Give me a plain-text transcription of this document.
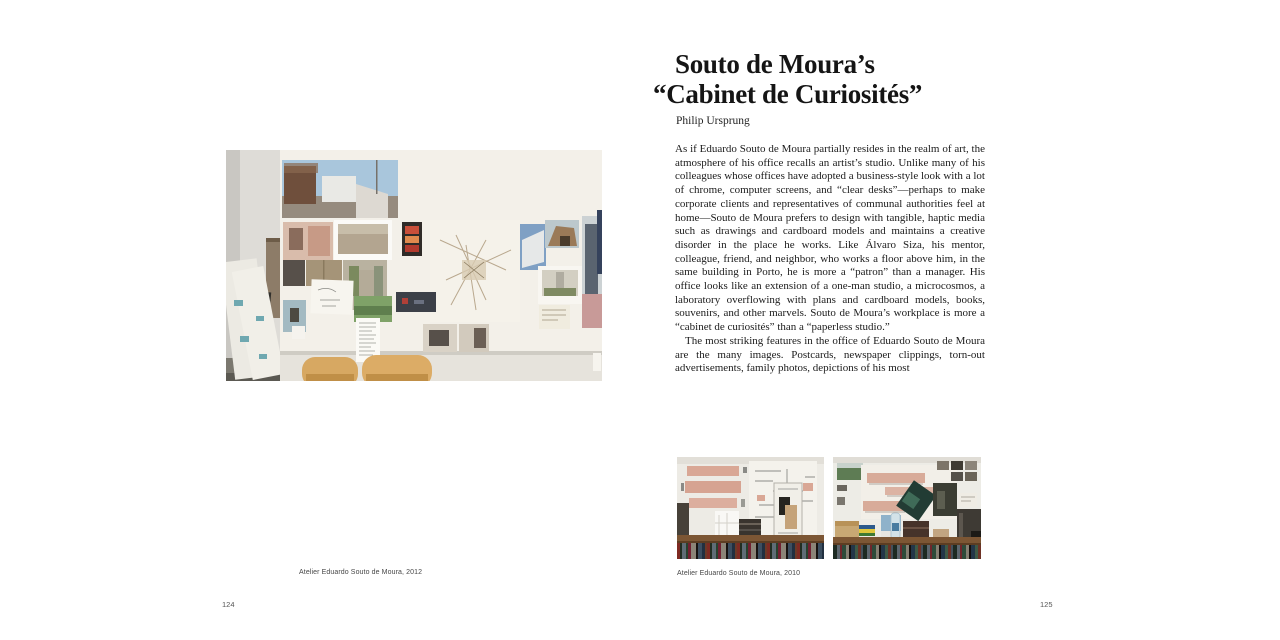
Atelier Eduardo Souto de Moura, 2012
124
Souto de Moura’s
“Cabinet de Curiosités”
Philip Ursprung

As if Eduardo Souto de Moura partially resides in the realm of art, the atmosphere of his office recalls an artist’s studio. Unlike many of his colleagues whose offices have adopted a business-style look with a lot of chrome, computer screens, and “clear desks”—perhaps to make corporate clients and representatives of communal authorities feel at home—Souto de Moura prefers to design with tangible, haptic media such as drawings and cardboard models and maintains a creative disorder in the place he works. Like Álvaro Siza, his mentor, colleague, friend, and neighbor, who works a floor above him, in the same building in Porto, he is more a “patron” than a manager. His office looks like an extension of a one-man studio, a microcosmos, a laboratory overflowing with plans and cardboard models, books, souvenirs, and other marvels. Souto de Moura’s workplace is more a “cabinet de curiosités” than a “paperless studio.”

The most striking features in the office of Eduardo Souto de Moura are the many images. Postcards, newspaper clippings, torn-out advertisements, family photos, depictions of his most

Atelier Eduardo Souto de Moura, 2010
125
